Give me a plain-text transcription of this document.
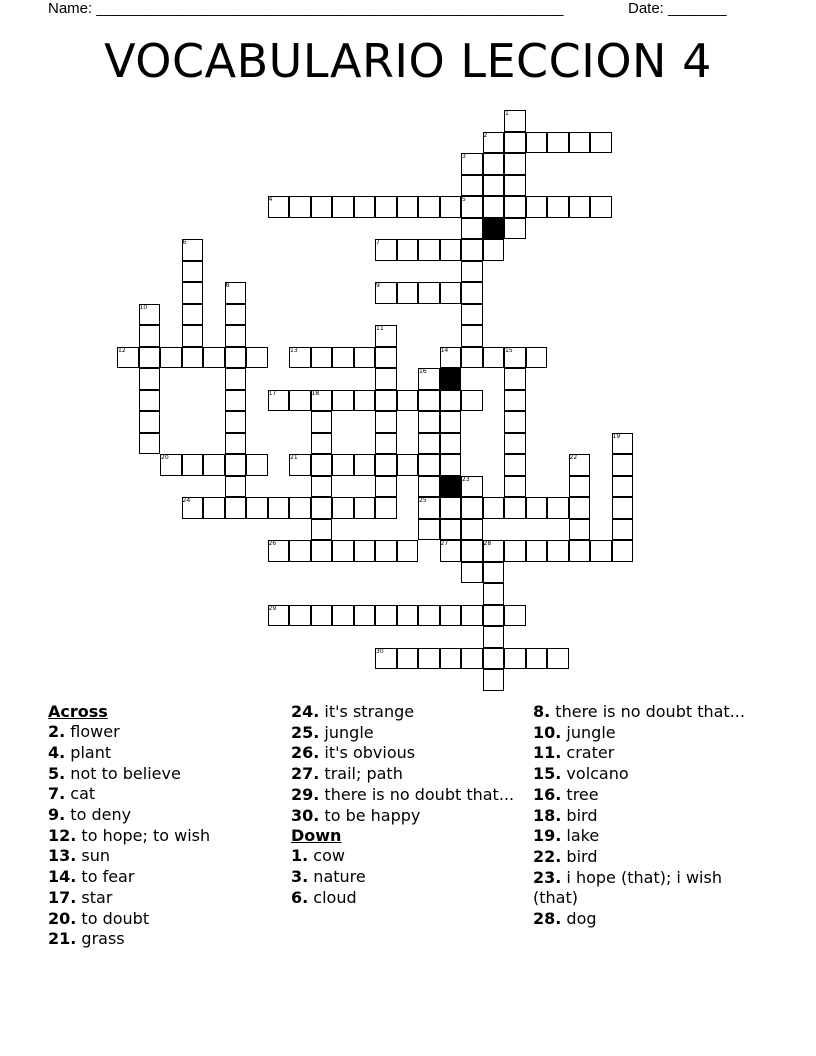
Name: ________________________________________________________	Date: _______
VOCABULARIO LECCION 4
1
2
3
4	5
6	7
8	9
10
11
12	13	14	15
16
17	18
19
20	21	22
23
24	25
26	27	28
29
30
Across
2. flower
4. plant
5. not to believe
7. cat
9. to deny
12. to hope; to wish
13. sun
14. to fear
17. star
20. to doubt
21. grass
24. it's strange
25. jungle
26. it's obvious
27. trail; path
29. there is no doubt that...
30. to be happy
Down
1. cow
3. nature
6. cloud
8. there is no doubt that...
10. jungle
11. crater
15. volcano
16. tree
18. bird
19. lake
22. bird
23. i hope (that); i wish (that)
28. dog
